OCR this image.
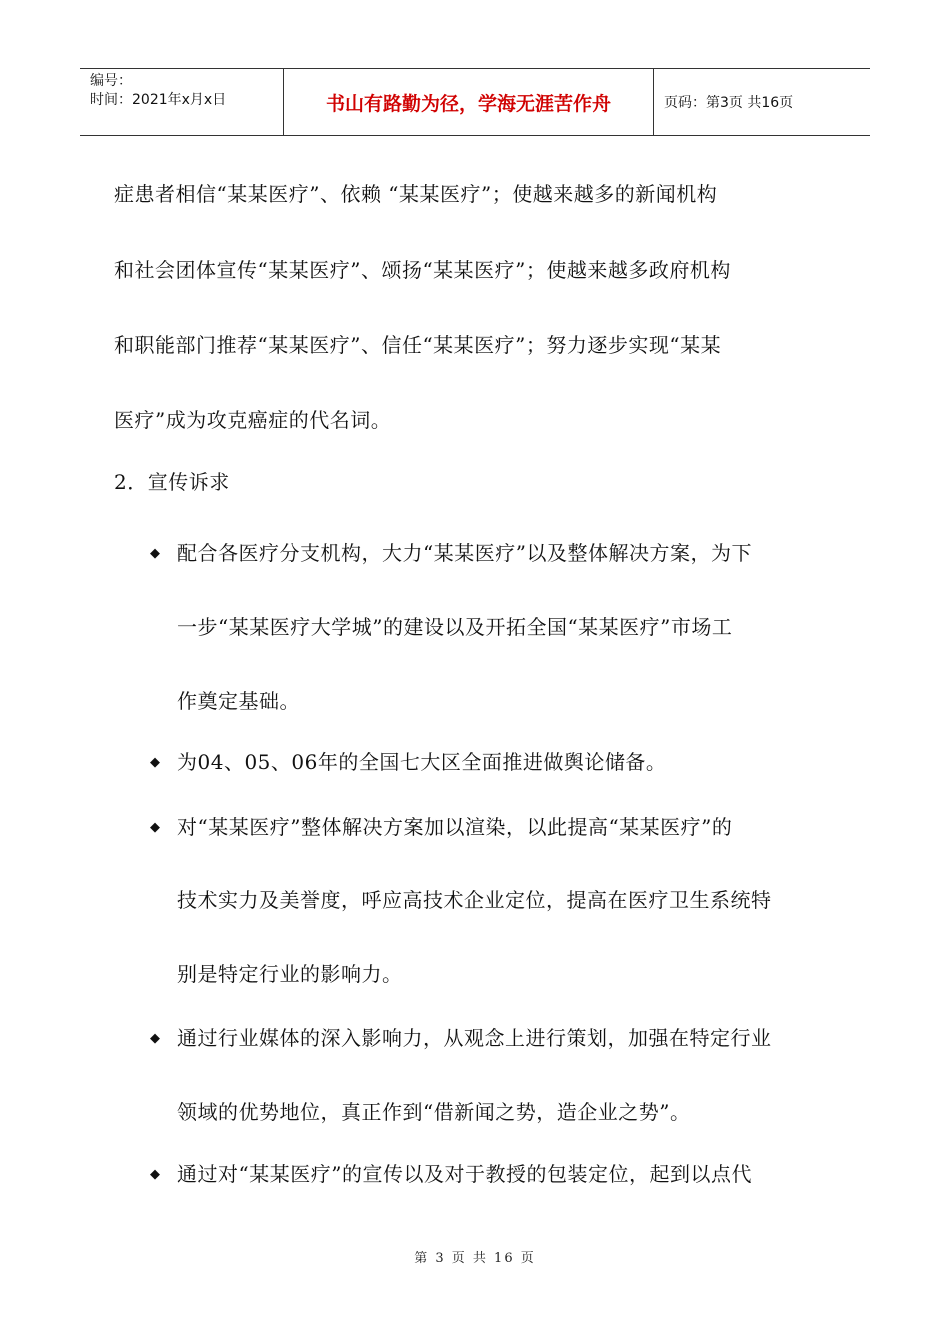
编号：
时间：2021年x月x日	书山有路勤为径，学海无涯苦作舟	页码：第3页 共16页
症患者相信“某某医疗”、依赖 “某某医疗”；使越来越多的新闻机构
和社会团体宣传“某某医疗”、颂扬“某某医疗”；使越来越多政府机构
和职能部门推荐“某某医疗”、信任“某某医疗”；努力逐步实现“某某
医疗”成为攻克癌症的代名词。
2．宣传诉求
◆ 配合各医疗分支机构，大力“某某医疗”以及整体解决方案，为下
一步“某某医疗大学城”的建设以及开拓全国“某某医疗”市场工
作奠定基础。
◆ 为04、05、06年的全国七大区全面推进做舆论储备。
◆ 对“某某医疗”整体解决方案加以渲染，以此提高“某某医疗”的
技术实力及美誉度，呼应高技术企业定位，提高在医疗卫生系统特
别是特定行业的影响力。
◆ 通过行业媒体的深入影响力，从观念上进行策划，加强在特定行业
领域的优势地位，真正作到“借新闻之势，造企业之势”。
◆ 通过对“某某医疗”的宣传以及对于教授的包装定位，起到以点代
第 3 页 共 16 页
